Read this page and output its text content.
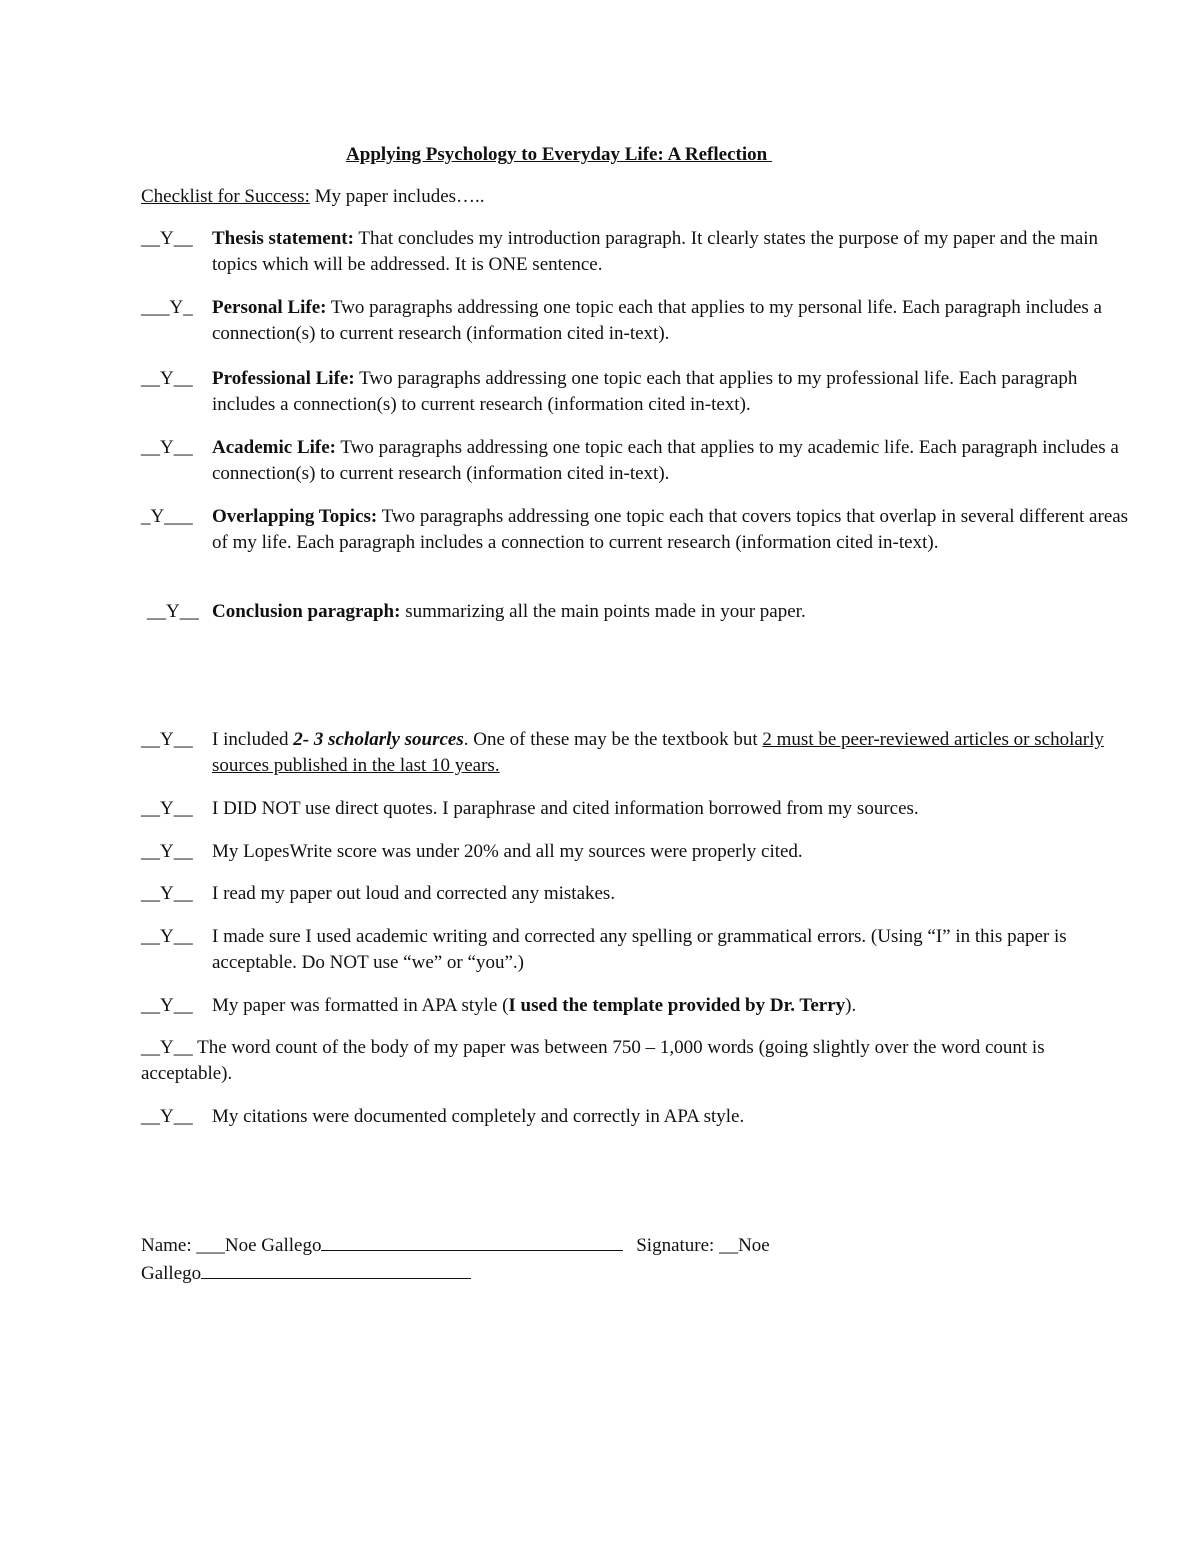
Applying Psychology to Everyday Life: A Reflection
Checklist for Success: My paper includes…..
__Y__ Thesis statement: That concludes my introduction paragraph. It clearly states the purpose of my paper and the main topics which will be addressed. It is ONE sentence.
___Y_ Personal Life: Two paragraphs addressing one topic each that applies to my personal life. Each paragraph includes a connection(s) to current research (information cited in-text).
__Y__ Professional Life: Two paragraphs addressing one topic each that applies to my professional life. Each paragraph includes a connection(s) to current research (information cited in-text).
__Y__ Academic Life: Two paragraphs addressing one topic each that applies to my academic life. Each paragraph includes a connection(s) to current research (information cited in-text).
_Y___ Overlapping Topics: Two paragraphs addressing one topic each that covers topics that overlap in several different areas of my life. Each paragraph includes a connection to current research (information cited in-text).
__Y__ Conclusion paragraph: summarizing all the main points made in your paper.
__Y__ I included 2- 3 scholarly sources. One of these may be the textbook but 2 must be peer-reviewed articles or scholarly sources published in the last 10 years.
__Y__ I DID NOT use direct quotes. I paraphrase and cited information borrowed from my sources.
__Y__ My LopesWrite score was under 20% and all my sources were properly cited.
__Y__ I read my paper out loud and corrected any mistakes.
__Y__ I made sure I used academic writing and corrected any spelling or grammatical errors. (Using “I” in this paper is acceptable. Do NOT use “we” or “you”.)
__Y__ My paper was formatted in APA style (I used the template provided by Dr. Terry).
__Y__ The word count of the body of my paper was between 750 – 1,000 words (going slightly over the word count is acceptable).
__Y__ My citations were documented completely and correctly in APA style.
Name: ___Noe Gallego	Signature: __Noe
Gallego
